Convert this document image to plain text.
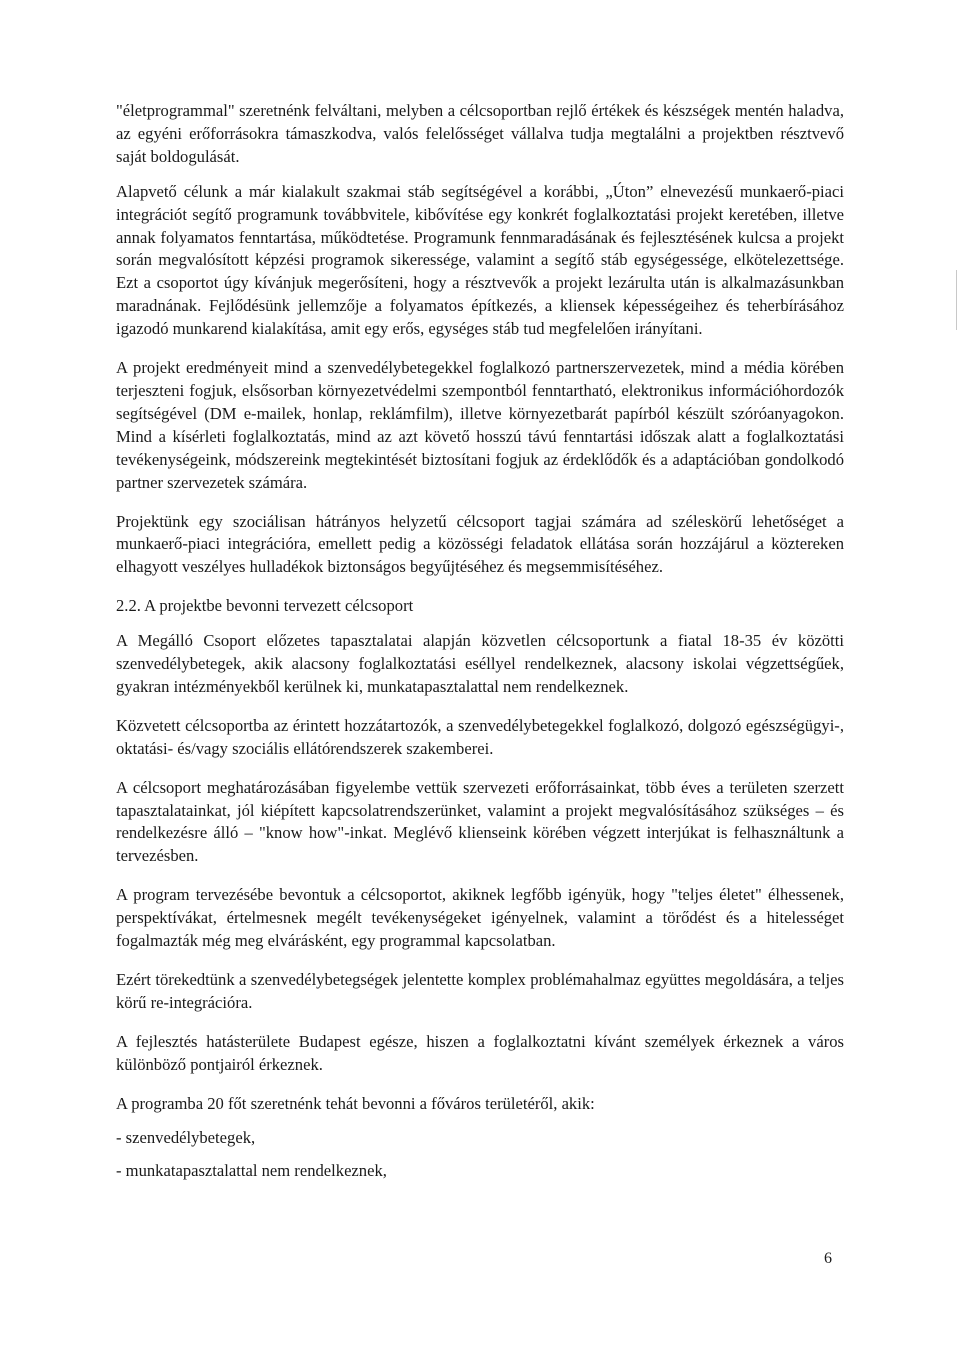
"életprogrammal" szeretnénk felváltani, melyben a célcsoportban rejlő értékek és készségek mentén haladva, az egyéni erőforrásokra támaszkodva, valós felelősséget vállalva tudja megtalálni a projektben résztvevő saját boldogulását.

Alapvető célunk a már kialakult szakmai stáb segítségével a korábbi, „Úton” elnevezésű munkaerő-piaci integrációt segítő programunk továbbvitele, kibővítése egy konkrét foglalkoztatási projekt keretében, illetve annak folyamatos fenntartása, működtetése. Programunk fennmaradásának és fejlesztésének kulcsa a projekt során megvalósított képzési programok sikeressége, valamint a segítő stáb egységessége, elkötelezettsége. Ezt a csoportot úgy kívánjuk megerősíteni, hogy a résztvevők a projekt lezárulta után is alkalmazásunkban maradnának. Fejlődésünk jellemzője a folyamatos építkezés, a kliensek képességeihez és teherbírásához igazodó munkarend kialakítása, amit egy erős, egységes stáb tud megfelelően irányítani.

A projekt eredményeit mind a szenvedélybetegekkel foglalkozó partnerszervezetek, mind a média körében terjeszteni fogjuk, elsősorban környezetvédelmi szempontból fenntartható, elektronikus információhordozók segítségével (DM e-mailek, honlap, reklámfilm), illetve környezetbarát papírból készült szóróanyagokon. Mind a kísérleti foglalkoztatás, mind az azt követő hosszú távú fenntartási időszak alatt a foglalkoztatási tevékenységeink, módszereink megtekintését biztosítani fogjuk az érdeklődők és a adaptációban gondolkodó partner szervezetek számára.

Projektünk egy szociálisan hátrányos helyzetű célcsoport tagjai számára ad széleskörű lehetőséget a munkaerő-piaci integrációra, emellett pedig a közösségi feladatok ellátása során hozzájárul a köztereken elhagyott veszélyes hulladékok biztonságos begyűjtéséhez és megsemmisítéséhez.

2.2. A projektbe bevonni tervezett célcsoport

A Megálló Csoport előzetes tapasztalatai alapján közvetlen célcsoportunk a fiatal 18-35 év közötti szenvedélybetegek, akik alacsony foglalkoztatási eséllyel rendelkeznek, alacsony iskolai végzettségűek, gyakran intézményekből kerülnek ki, munkatapasztalattal nem rendelkeznek.

Közvetett célcsoportba az érintett hozzátartozók, a szenvedélybetegekkel foglalkozó, dolgozó egészségügyi-, oktatási- és/vagy szociális ellátórendszerek szakemberei.

A célcsoport meghatározásában figyelembe vettük szervezeti erőforrásainkat, több éves a területen szerzett tapasztalatainkat, jól kiépített kapcsolatrendszerünket, valamint a projekt megvalósításához szükséges – és rendelkezésre álló – "know how"-inkat. Meglévő klienseink körében végzett interjúkat is felhasználtunk a tervezésben.

A program tervezésébe bevontuk a célcsoportot, akiknek legfőbb igényük, hogy "teljes életet" élhessenek, perspektívákat, értelmesnek megélt tevékenységeket igényelnek, valamint a törődést és a hitelességet fogalmazták még meg elvárásként, egy programmal kapcsolatban.

Ezért törekedtünk a szenvedélybetegségek jelentette komplex problémahalmaz együttes megoldására, a teljes körű re-integrációra.

A fejlesztés hatásterülete Budapest egésze, hiszen a foglalkoztatni kívánt személyek érkeznek a város különböző pontjairól érkeznek.

A programba 20 főt szeretnénk tehát bevonni a főváros területéről, akik:

- szenvedélybetegek,

- munkatapasztalattal nem rendelkeznek,

6
